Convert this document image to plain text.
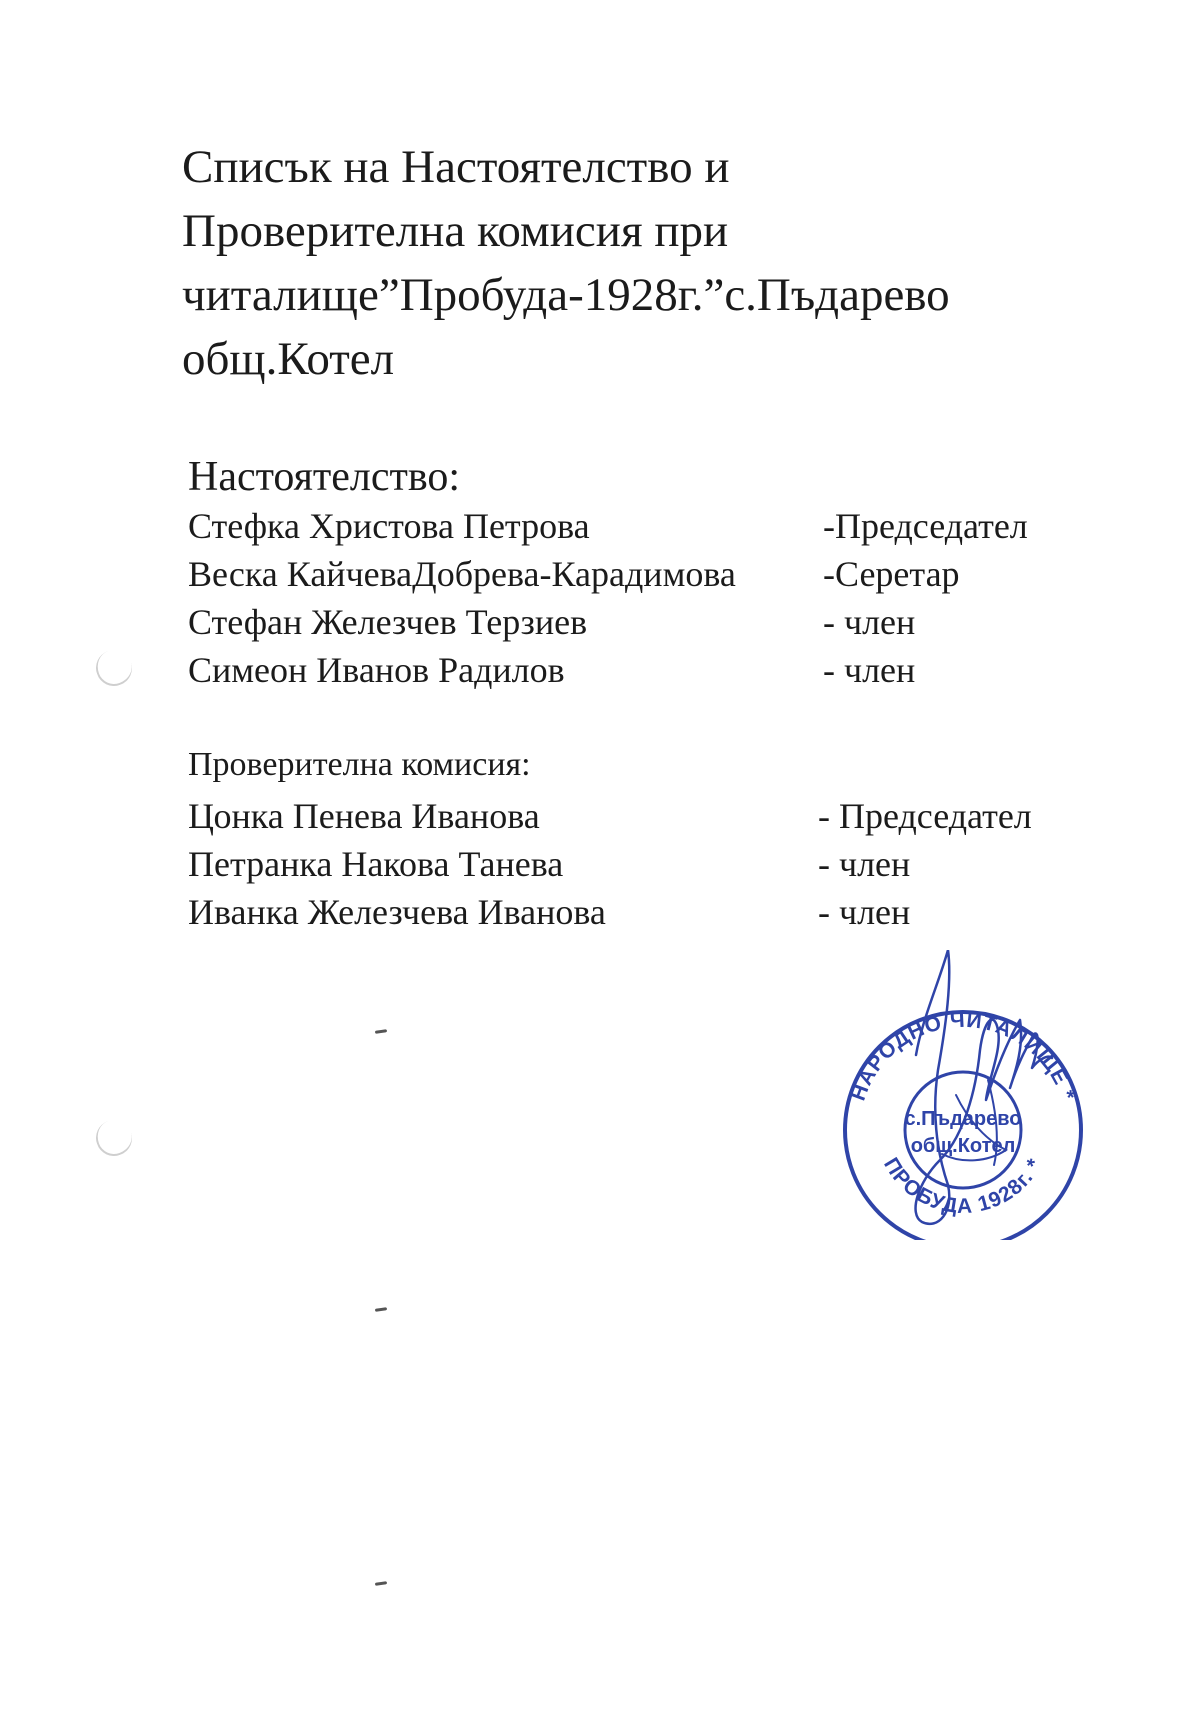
Списък на Настоятелство и
Проверителна комисия при
читалище”Пробуда-1928г.”с.Пъдарево
общ.Котел
Настоятелство:
Стефка Христова Петрова	-Председател
Веска КайчеваДобрева-Карадимова -Серетар
Стефан Железчев Терзиев	- член
Симеон Иванов Радилов	- член
Проверителна комисия:
Цонка Пенева Иванова	- Председател
Петранка Накова Танева	- член
Иванка Железчева Иванова	- член
НАРОДНО ЧИТАЛИЩЕ *
ПРОБУДА 1928г. *
с.Пъдарево
общ.Котел
